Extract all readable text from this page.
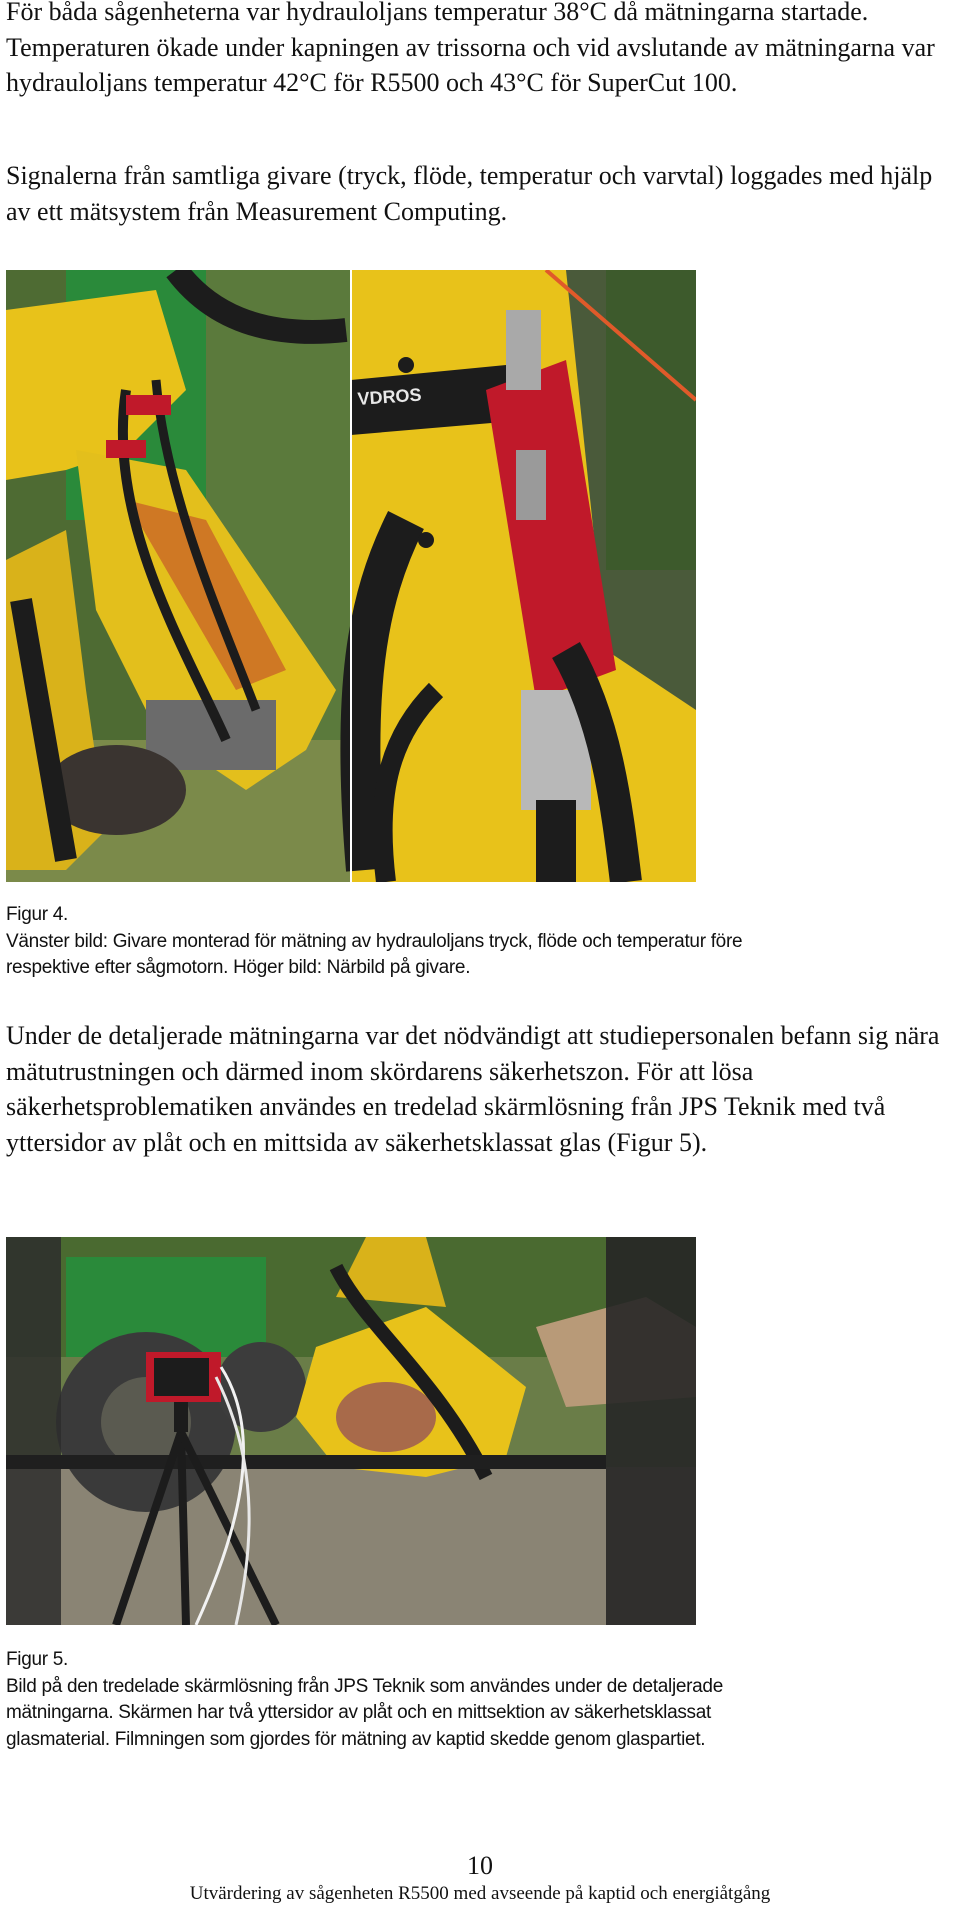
För båda sågenheterna var hydrauloljans temperatur 38°C då mätningarna startade. Temperaturen ökade under kapningen av trissorna och vid avslutande av mätningarna var hydrauloljans temperatur 42°C för R5500 och 43°C för SuperCut 100.

Signalerna från samtliga givare (tryck, flöde, temperatur och varvtal) loggades med hjälp av ett mätsystem från Measurement Computing.

VDROS

Figur 4.
Vänster bild: Givare monterad för mätning av hydrauloljans tryck, flöde och temperatur före respektive efter sågmotorn. Höger bild: Närbild på givare.

Under de detaljerade mätningarna var det nödvändigt att studiepersonalen befann sig nära mätutrustningen och därmed inom skördarens säkerhetszon. För att lösa säkerhetsproblematiken användes en tredelad skärmlösning från JPS Teknik med två yttersidor av plåt och en mittsida av säkerhetsklassat glas (Figur 5).

Figur 5.
Bild på den tredelade skärmlösning från JPS Teknik som användes under de detaljerade mätningarna. Skärmen har två yttersidor av plåt och en mittsektion av säkerhetsklassat glasmaterial. Filmningen som gjordes för mätning av kaptid skedde genom glaspartiet.

10
Utvärdering av sågenheten R5500 med avseende på kaptid och energiåtgång
